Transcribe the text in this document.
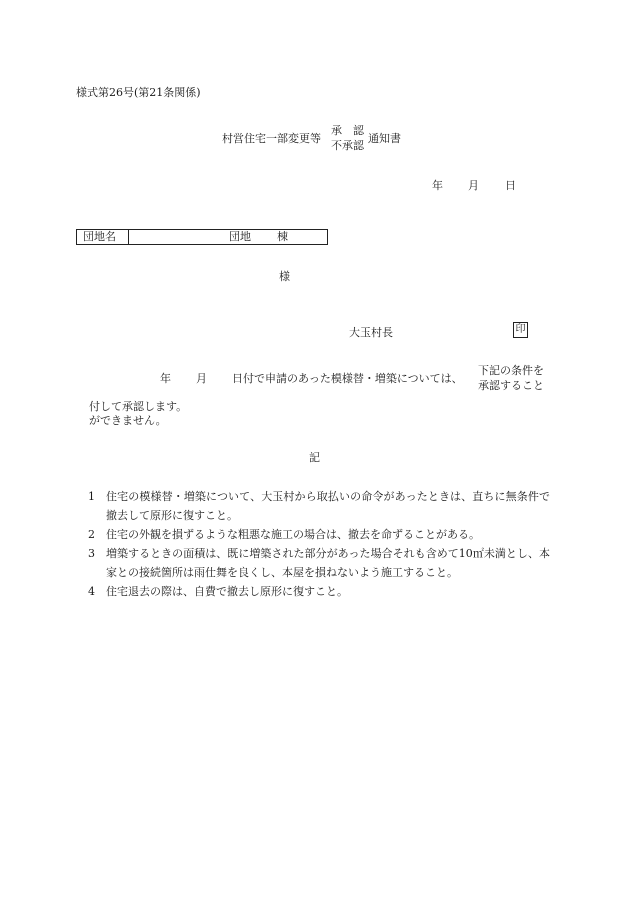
様式第26号(第21条関係)
村営住宅一部変更等
承　認
不承認
通知書
年 月 日
団地名	団地 棟
様
大玉村長	印
年 月 日付で申請のあった模様替・増築については、
下記の条件を
承認すること
付して承認します。
ができません。
記
1	住宅の模様替・増築について、大玉村から取払いの命令があったときは、直ちに無条件で撤去して原形に復すこと。
2	住宅の外観を損ずるような粗悪な施工の場合は、撤去を命ずることがある。
3	増築するときの面積は、既に増築された部分があった場合それも含めて10㎡未満とし、本家との接続箇所は雨仕舞を良くし、本屋を損ねないよう施工すること。
4	住宅退去の際は、自費で撤去し原形に復すこと。
